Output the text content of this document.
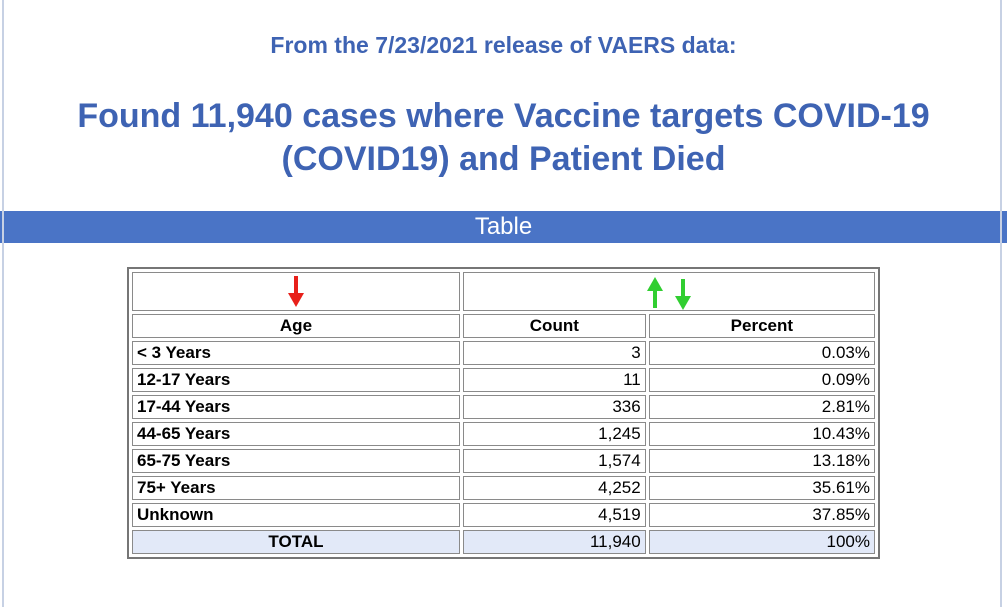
From the 7/23/2021 release of VAERS data:
Found 11,940 cases where Vaccine targets COVID-19
(COVID19) and Patient Died
Table

Age	Count	Percent
< 3 Years	3	0.03%
12-17 Years	11	0.09%
17-44 Years	336	2.81%
44-65 Years	1,245	10.43%
65-75 Years	1,574	13.18%
75+ Years	4,252	35.61%
Unknown	4,519	37.85%
TOTAL	11,940	100%
